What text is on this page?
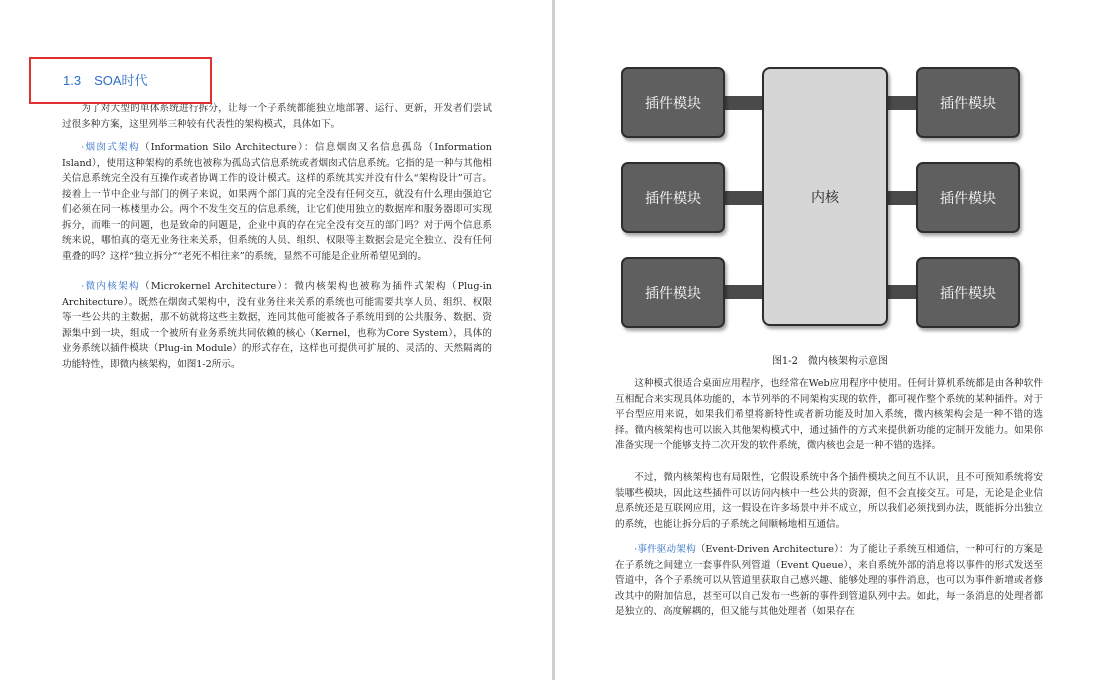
1.3　SOA时代

为了对大型的单体系统进行拆分，让每一个子系统都能独立地部署、运行、更新，开发者们尝试过很多种方案，这里列举三种较有代表性的架构模式，具体如下。

·烟囱式架构（Information Silo Architecture）：信息烟囱又名信息孤岛（Information Island），使用这种架构的系统也被称为孤岛式信息系统或者烟囱式信息系统。它指的是一种与其他相关信息系统完全没有互操作或者协调工作的设计模式。这样的系统其实并没有什么“架构设计”可言。接着上一节中企业与部门的例子来说，如果两个部门真的完全没有任何交互，就没有什么理由强迫它们必须在同一栋楼里办公。两个不发生交互的信息系统，让它们使用独立的数据库和服务器即可实现拆分，而唯一的问题，也是致命的问题是，企业中真的存在完全没有交互的部门吗？对于两个信息系统来说，哪怕真的毫无业务往来关系，但系统的人员、组织、权限等主数据会是完全独立、没有任何重叠的吗？这样“独立拆分”“老死不相往来”的系统，显然不可能是企业所希望见到的。

·微内核架构（Microkernel Architecture）：微内核架构也被称为插件式架构（Plug-in Architecture）。既然在烟囱式架构中，没有业务往来关系的系统也可能需要共享人员、组织、权限等一些公共的主数据，那不妨就将这些主数据，连同其他可能被各子系统用到的公共服务、数据、资源集中到一块，组成一个被所有业务系统共同依赖的核心（Kernel，也称为Core System），具体的业务系统以插件模块（Plug-in Module）的形式存在，这样也可提供可扩展的、灵活的、天然隔离的功能特性，即微内核架构，如图1-2所示。

插件模块
插件模块
插件模块
内核
插件模块
插件模块
插件模块
图1-2　微内核架构示意图

这种模式很适合桌面应用程序，也经常在Web应用程序中使用。任何计算机系统都是由各种软件互相配合来实现具体功能的，本节列举的不同架构实现的软件，都可视作整个系统的某种插件。对于平台型应用来说，如果我们希望将新特性或者新功能及时加入系统，微内核架构会是一种不错的选择。微内核架构也可以嵌入其他架构模式中，通过插件的方式来提供新功能的定制开发能力。如果你准备实现一个能够支持二次开发的软件系统，微内核也会是一种不错的选择。

不过，微内核架构也有局限性，它假设系统中各个插件模块之间互不认识，且不可预知系统将安装哪些模块，因此这些插件可以访问内核中一些公共的资源，但不会直接交互。可是，无论是企业信息系统还是互联网应用，这一假设在许多场景中并不成立，所以我们必须找到办法，既能拆分出独立的系统，也能让拆分后的子系统之间顺畅地相互通信。

·事件驱动架构（Event-Driven Architecture）：为了能让子系统互相通信，一种可行的方案是在子系统之间建立一套事件队列管道（Event Queue），来自系统外部的消息将以事件的形式发送至管道中，各个子系统可以从管道里获取自己感兴趣、能够处理的事件消息，也可以为事件新增或者修改其中的附加信息，甚至可以自己发布一些新的事件到管道队列中去。如此，每一条消息的处理者都是独立的、高度解耦的，但又能与其他处理者（如果存在
